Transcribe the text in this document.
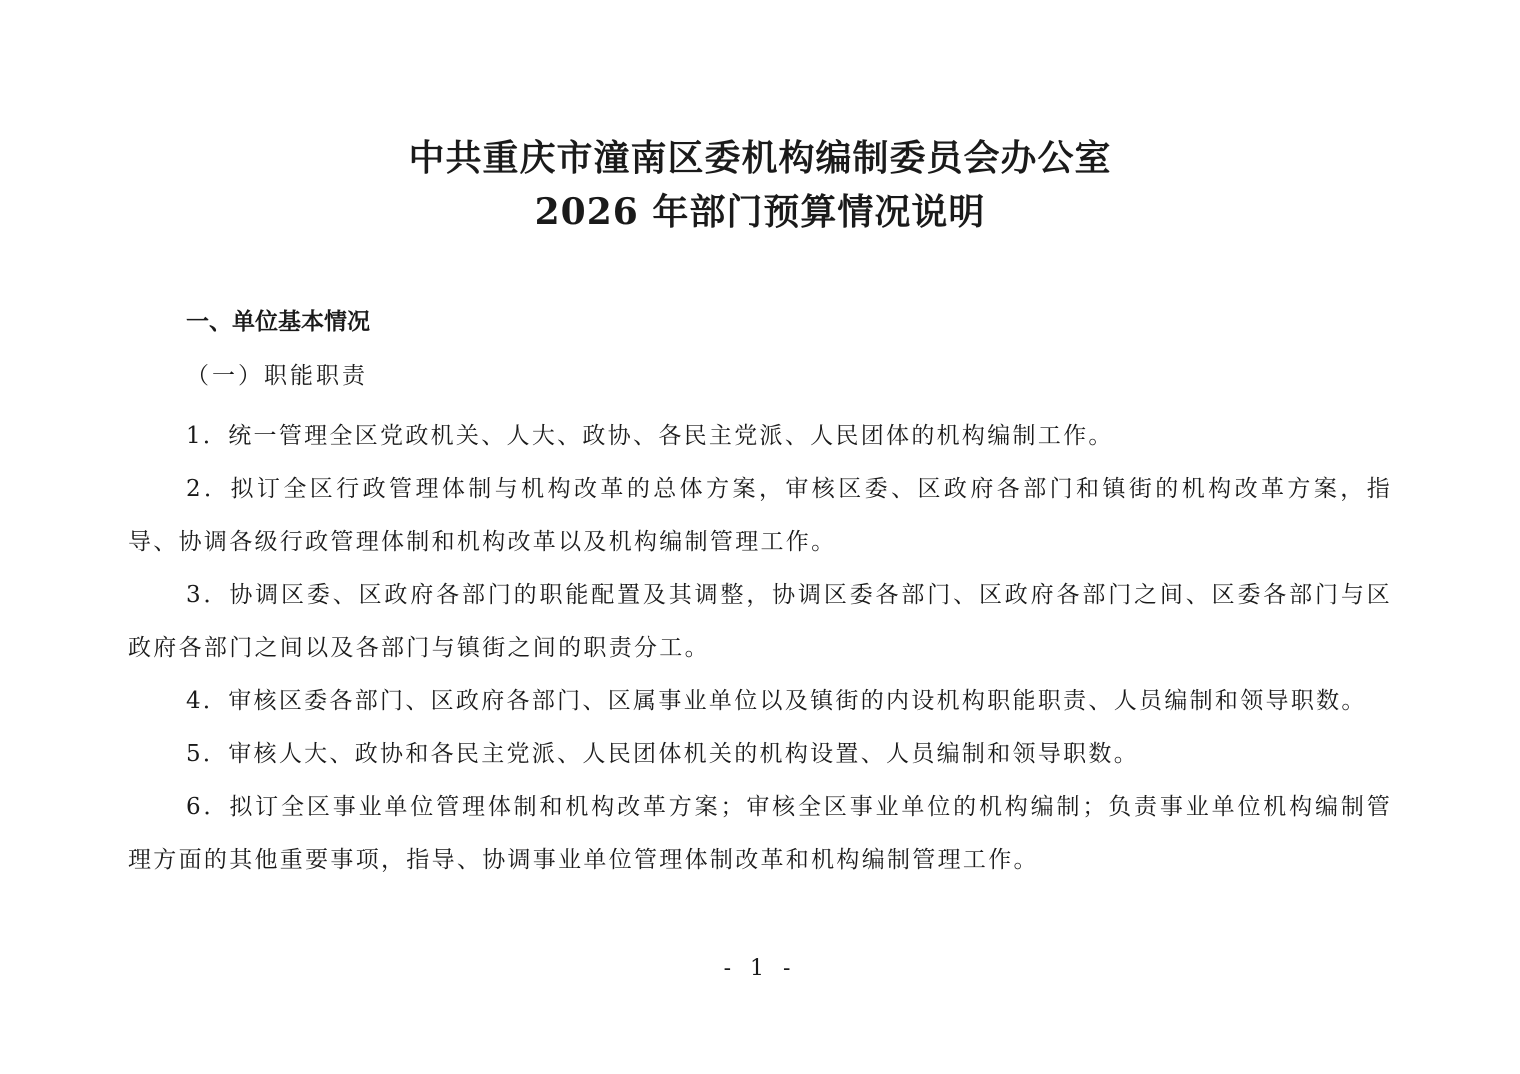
中共重庆市潼南区委机构编制委员会办公室
2026 年部门预算情况说明
一、单位基本情况
（一）职能职责

1．统一管理全区党政机关、人大、政协、各民主党派、人民团体的机构编制工作。

2．拟订全区行政管理体制与机构改革的总体方案，审核区委、区政府各部门和镇街的机构改革方案，指导、协调各级行政管理体制和机构改革以及机构编制管理工作。

3．协调区委、区政府各部门的职能配置及其调整，协调区委各部门、区政府各部门之间、区委各部门与区政府各部门之间以及各部门与镇街之间的职责分工。

4．审核区委各部门、区政府各部门、区属事业单位以及镇街的内设机构职能职责、人员编制和领导职数。

5．审核人大、政协和各民主党派、人民团体机关的机构设置、人员编制和领导职数。

6．拟订全区事业单位管理体制和机构改革方案；审核全区事业单位的机构编制；负责事业单位机构编制管理方面的其他重要事项，指导、协调事业单位管理体制改革和机构编制管理工作。

- 1 -
